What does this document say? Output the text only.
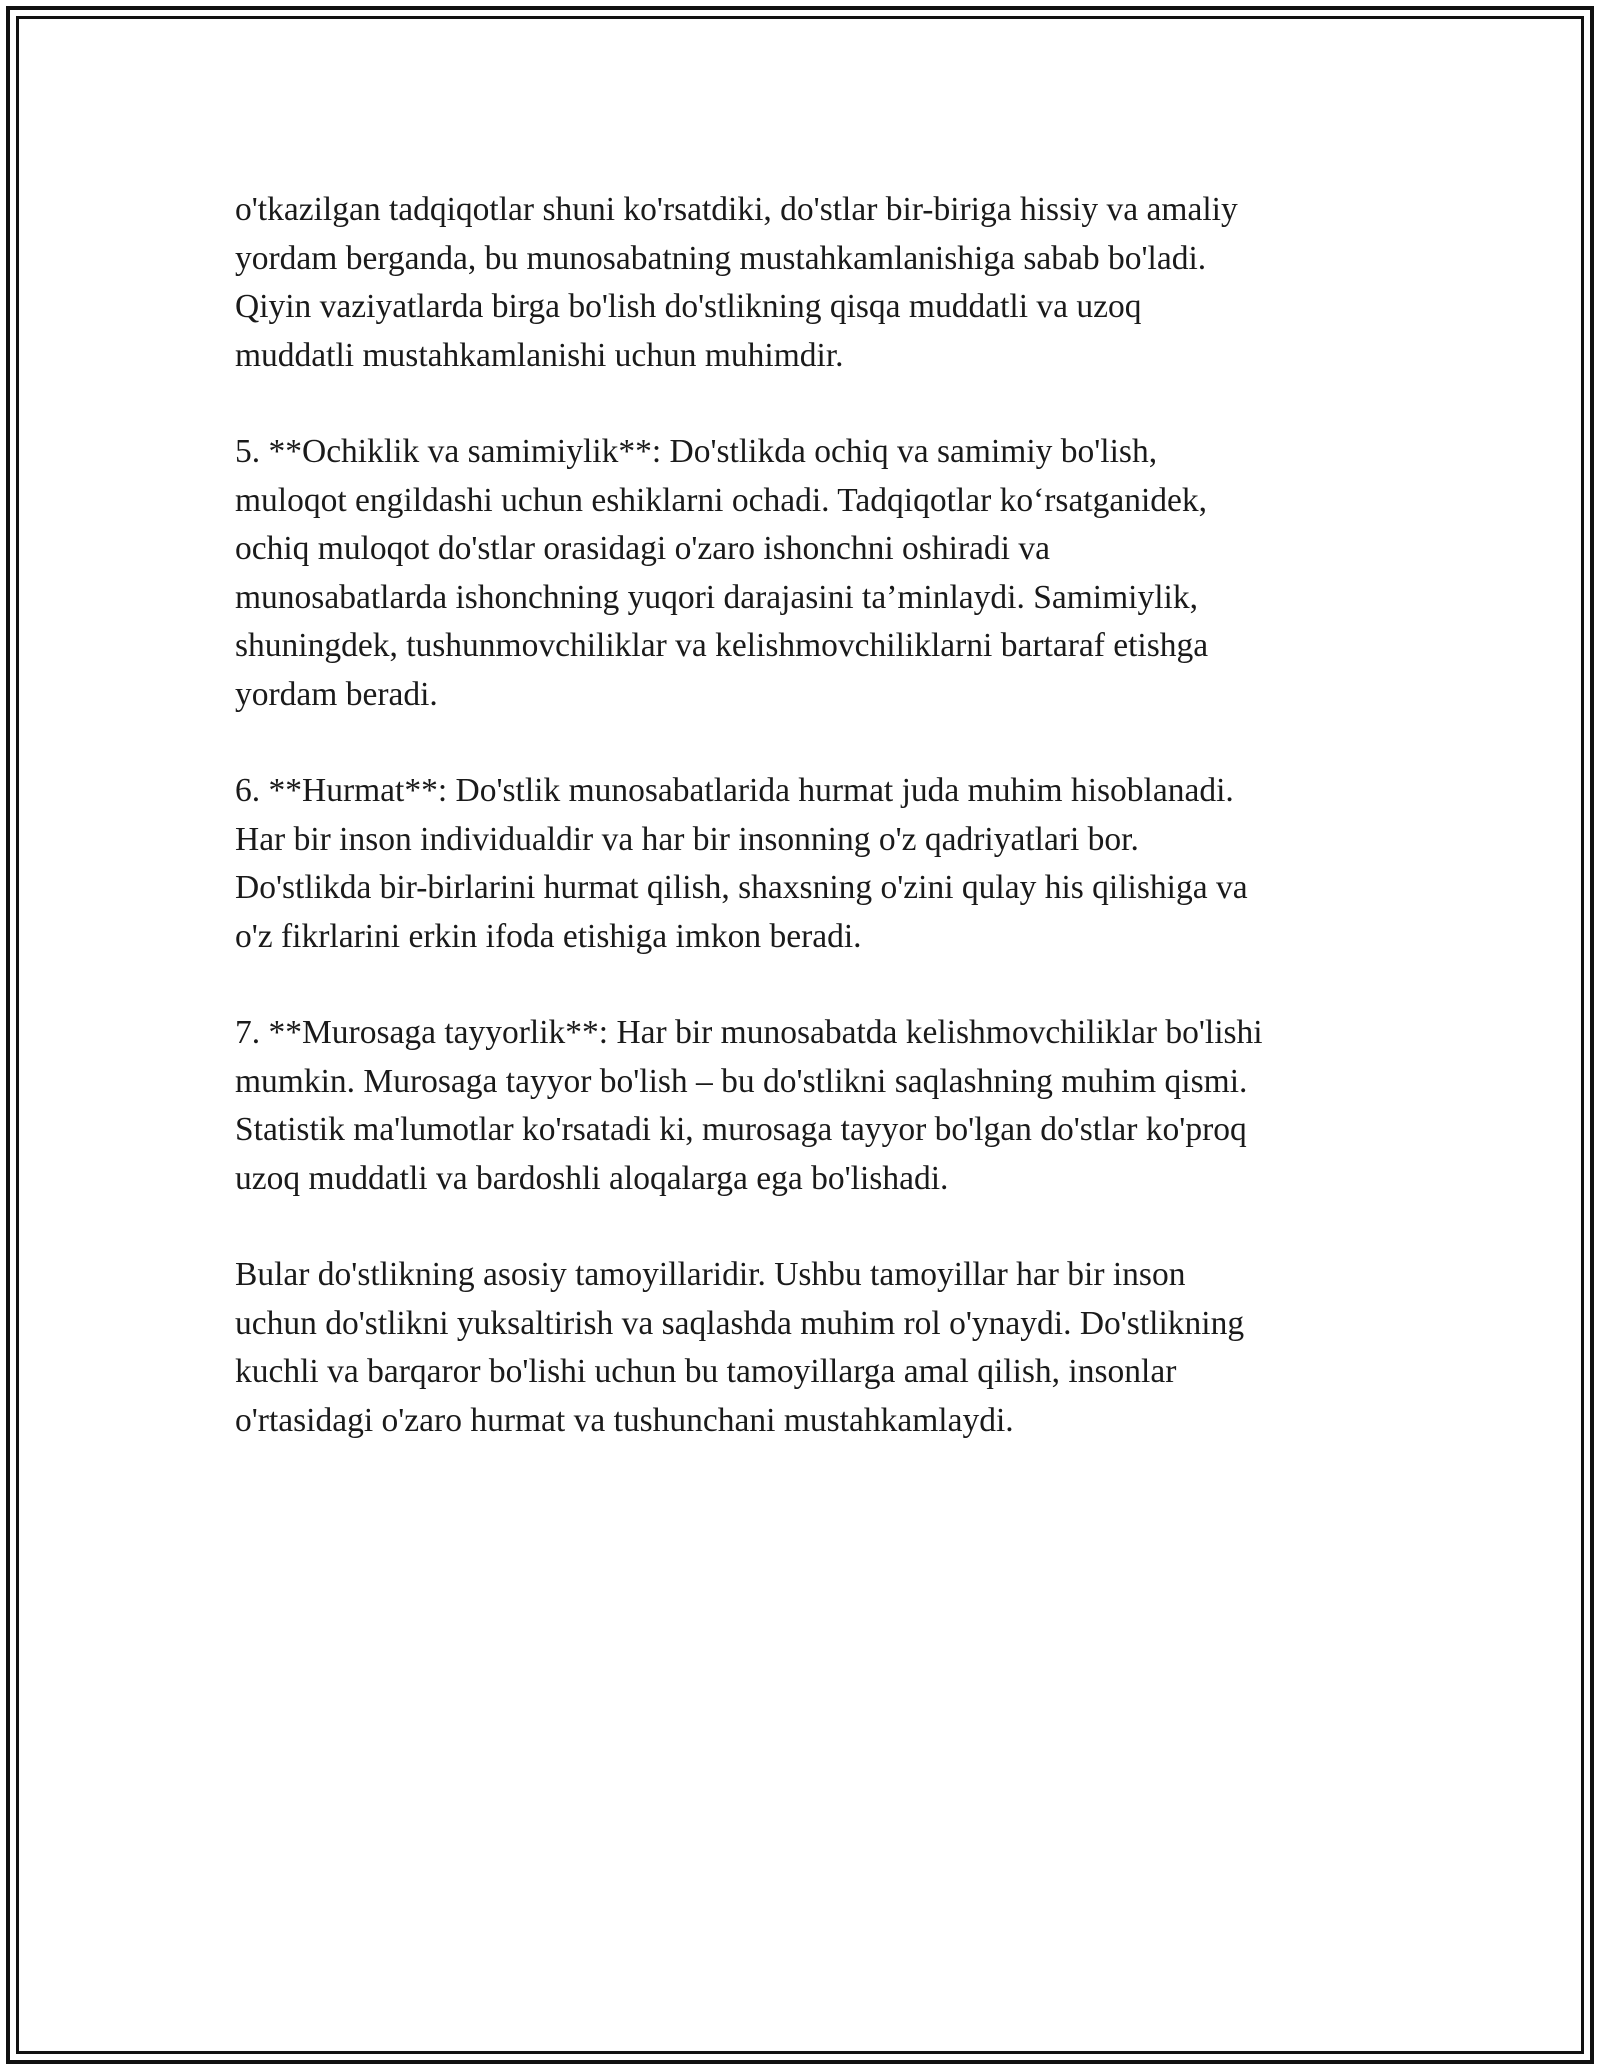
o'tkazilgan tadqiqotlar shuni ko'rsatdiki, do'stlar bir-biriga hissiy va amaliy
yordam berganda, bu munosabatning mustahkamlanishiga sabab bo'ladi.
Qiyin vaziyatlarda birga bo'lish do'stlikning qisqa muddatli va uzoq
muddatli mustahkamlanishi uchun muhimdir.

5. **Ochiklik va samimiylik**: Do'stlikda ochiq va samimiy bo'lish,
muloqot engildashi uchun eshiklarni ochadi. Tadqiqotlar ko‘rsatganidek,
ochiq muloqot do'stlar orasidagi o'zaro ishonchni oshiradi va
munosabatlarda ishonchning yuqori darajasini ta’minlaydi. Samimiylik,
shuningdek, tushunmovchiliklar va kelishmovchiliklarni bartaraf etishga
yordam beradi.

6. **Hurmat**: Do'stlik munosabatlarida hurmat juda muhim hisoblanadi.
Har bir inson individualdir va har bir insonning o'z qadriyatlari bor.
Do'stlikda bir-birlarini hurmat qilish, shaxsning o'zini qulay his qilishiga va
o'z fikrlarini erkin ifoda etishiga imkon beradi.

7. **Murosaga tayyorlik**: Har bir munosabatda kelishmovchiliklar bo'lishi
mumkin. Murosaga tayyor bo'lish – bu do'stlikni saqlashning muhim qismi.
Statistik ma'lumotlar ko'rsatadi ki, murosaga tayyor bo'lgan do'stlar ko'proq
uzoq muddatli va bardoshli aloqalarga ega bo'lishadi.

Bular do'stlikning asosiy tamoyillaridir. Ushbu tamoyillar har bir inson
uchun do'stlikni yuksaltirish va saqlashda muhim rol o'ynaydi. Do'stlikning
kuchli va barqaror bo'lishi uchun bu tamoyillarga amal qilish, insonlar
o'rtasidagi o'zaro hurmat va tushunchani mustahkamlaydi.
